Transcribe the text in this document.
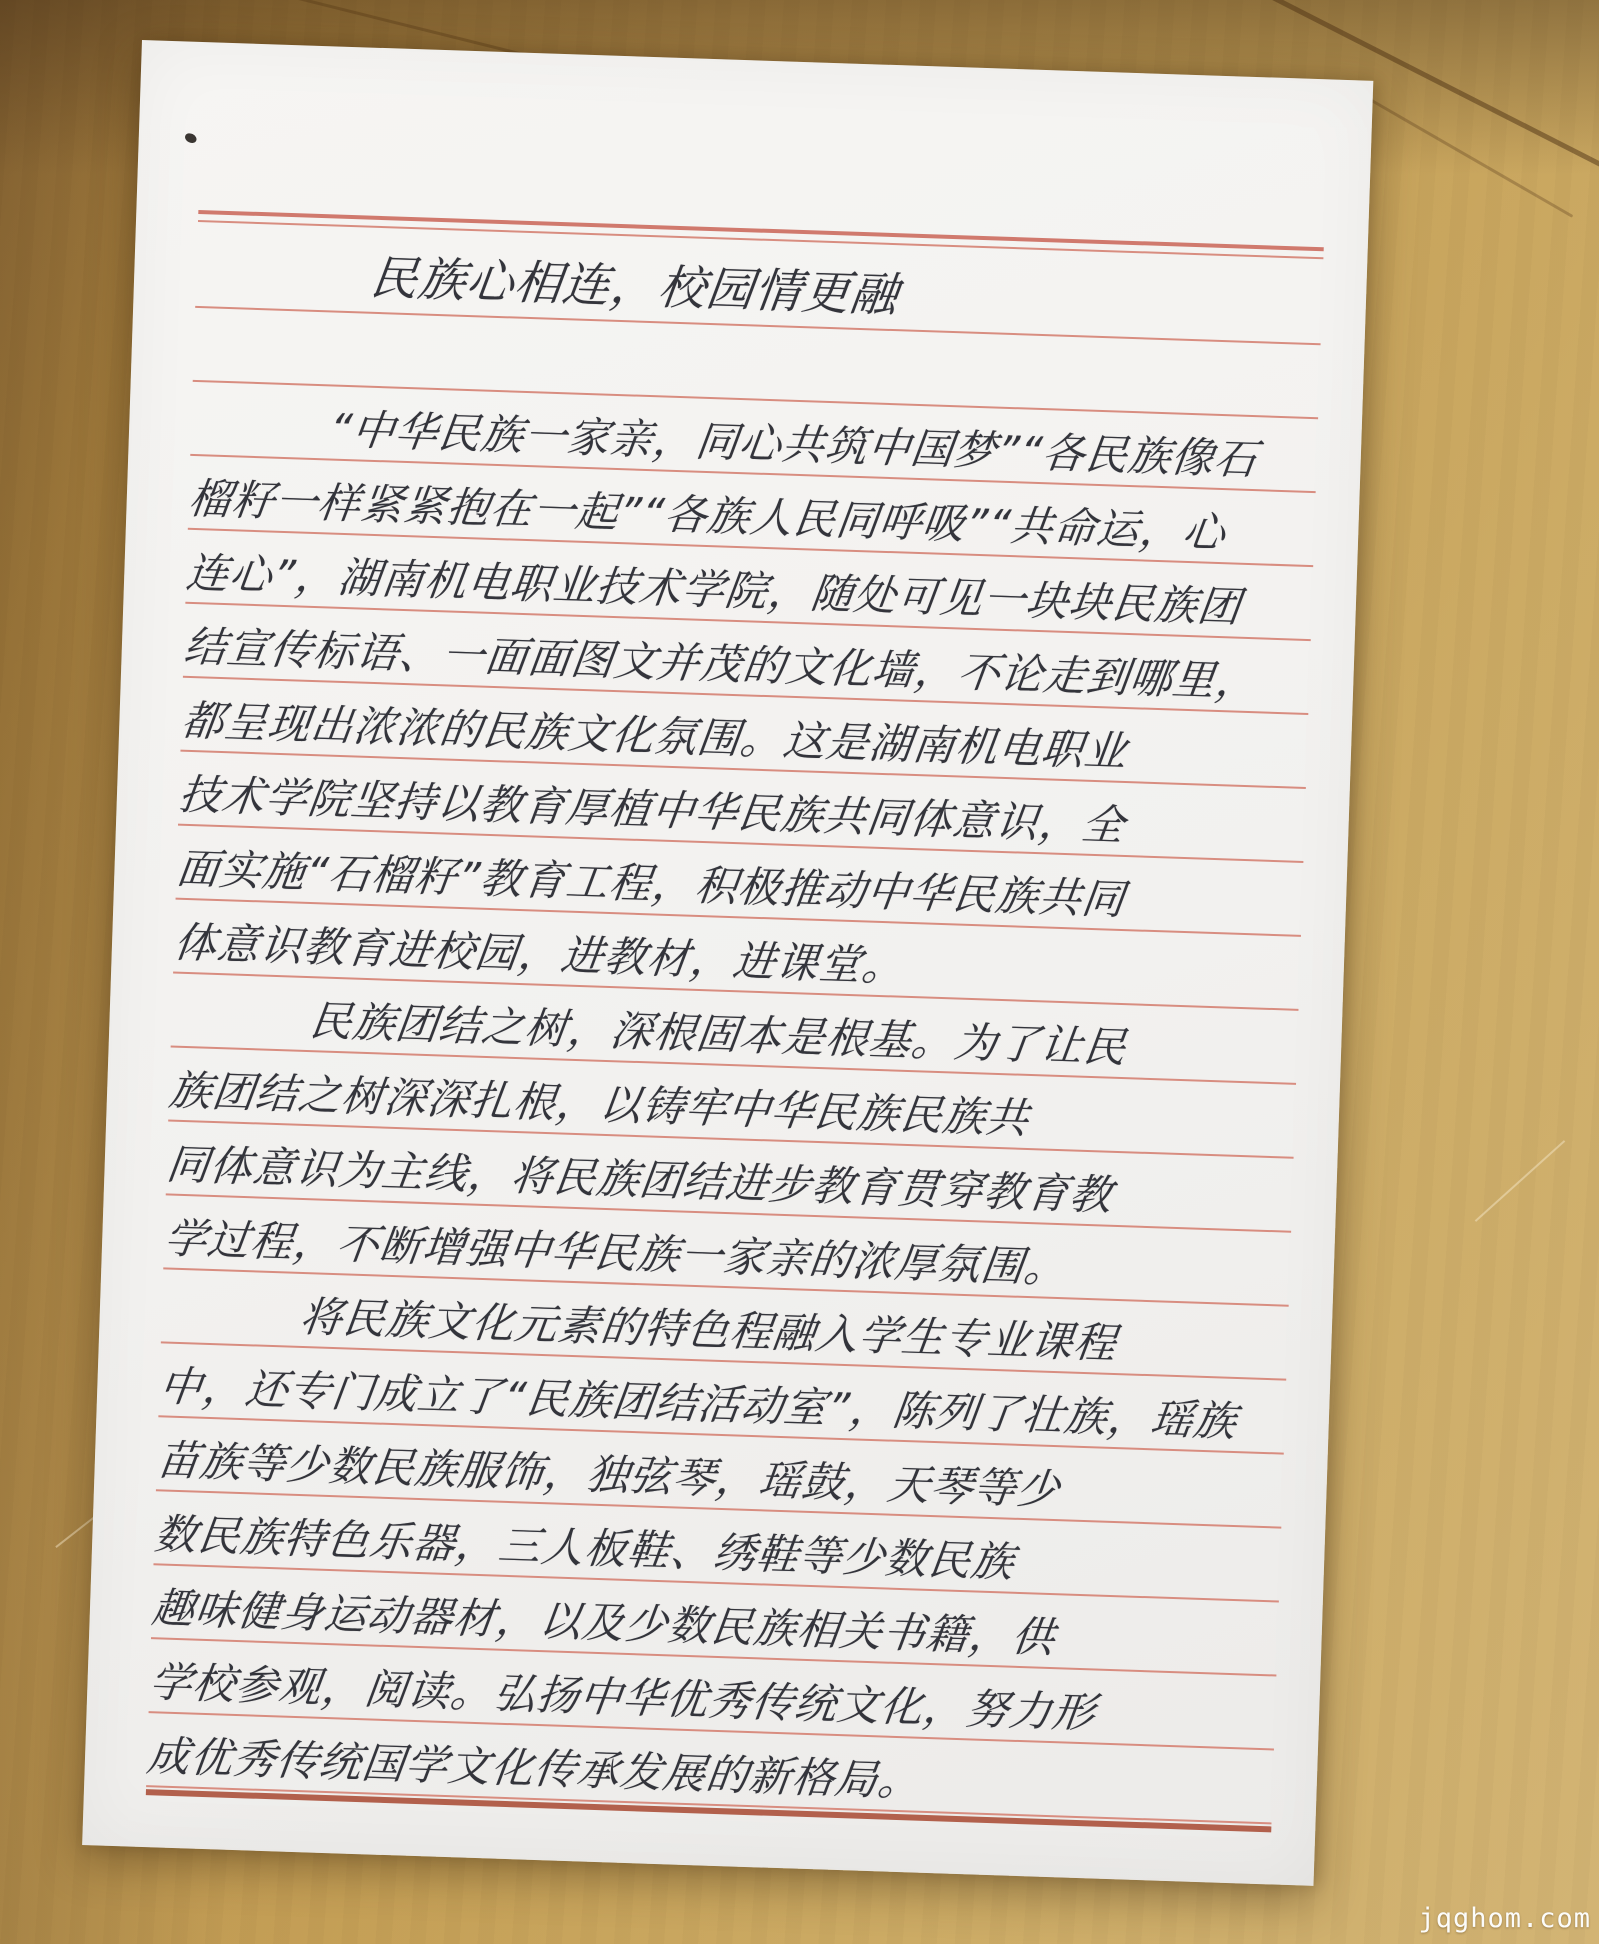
民族心相连，校园情更融
“中华民族一家亲，同心共筑中国梦”“各民族像石
榴籽一样紧紧抱在一起”“各族人民同呼吸”“共命运，心
连心”，湖南机电职业技术学院，随处可见一块块民族团
结宣传标语、一面面图文并茂的文化墙，不论走到哪里，
都呈现出浓浓的民族文化氛围。这是湖南机电职业
技术学院坚持以教育厚植中华民族共同体意识，全
面实施“石榴籽”教育工程，积极推动中华民族共同
体意识教育进校园，进教材，进课堂。
民族团结之树，深根固本是根基。为了让民
族团结之树深深扎根，以铸牢中华民族民族共
同体意识为主线，将民族团结进步教育贯穿教育教
学过程，不断增强中华民族一家亲的浓厚氛围。
将民族文化元素的特色程融入学生专业课程
中，还专门成立了“民族团结活动室”，陈列了壮族，瑶族
苗族等少数民族服饰，独弦琴，瑶鼓，天琴等少
数民族特色乐器，三人板鞋、绣鞋等少数民族
趣味健身运动器材，以及少数民族相关书籍，供
学校参观，阅读。弘扬中华优秀传统文化，努力形
成优秀传统国学文化传承发展的新格局。
jqghom.com
